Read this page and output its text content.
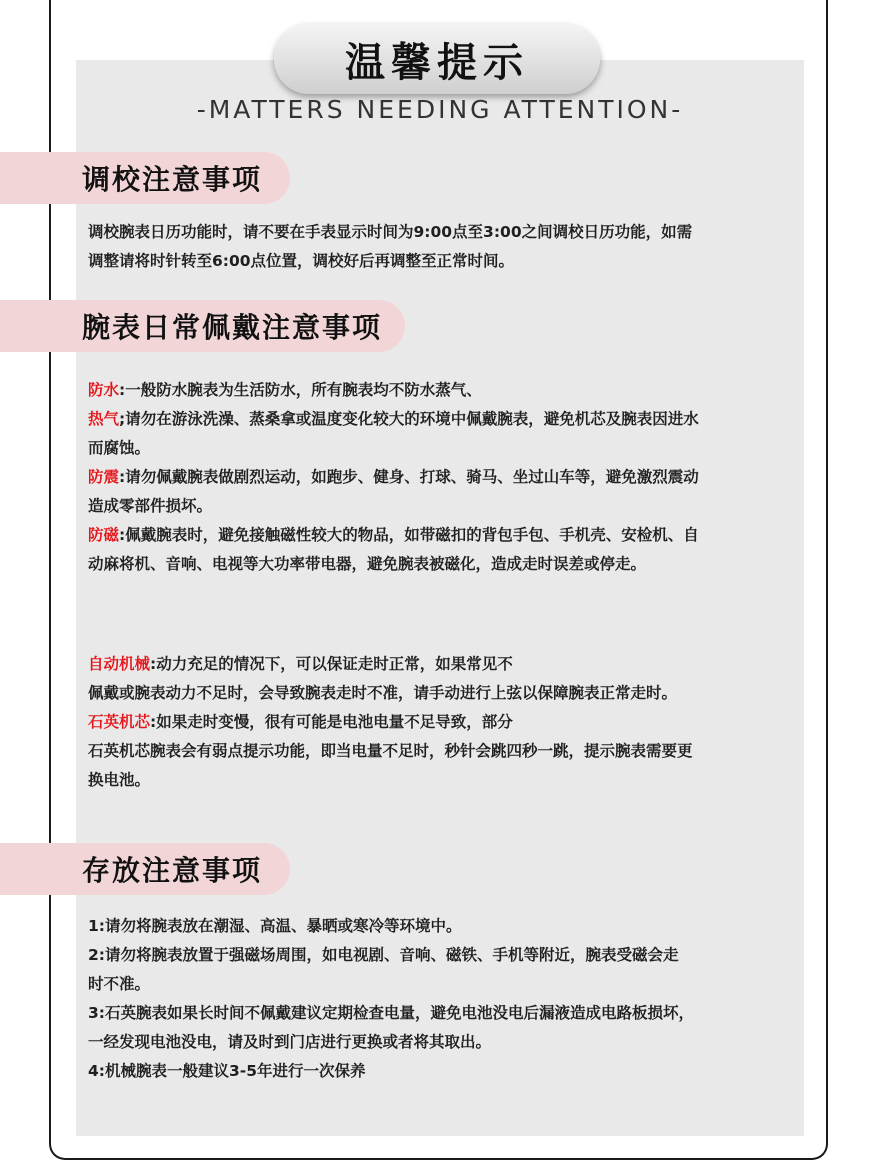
温馨提示
-MATTERS NEEDING ATTENTION-
调校注意事项
调校腕表日历功能时，请不要在手表显示时间为9:00点至3:00之间调校日历功能，如需
调整请将时针转至6:00点位置，调校好后再调整至正常时间。
腕表日常佩戴注意事项
防水:一般防水腕表为生活防水，所有腕表均不防水蒸气、
热气;请勿在游泳洗澡、蒸桑拿或温度变化较大的环境中佩戴腕表，避免机芯及腕表因进水
而腐蚀。
防震:请勿佩戴腕表做剧烈运动，如跑步、健身、打球、骑马、坐过山车等，避免激烈震动
造成零部件损坏。
防磁:佩戴腕表时，避免接触磁性较大的物品，如带磁扣的背包手包、手机壳、安检机、自
动麻将机、音响、电视等大功率带电器，避免腕表被磁化，造成走时误差或停走。
自动机械:动力充足的情况下，可以保证走时正常，如果常见不
佩戴或腕表动力不足时，会导致腕表走时不准，请手动进行上弦以保障腕表正常走时。
石英机芯:如果走时变慢，很有可能是电池电量不足导致，部分
石英机芯腕表会有弱点提示功能，即当电量不足时，秒针会跳四秒一跳，提示腕表需要更
换电池。
存放注意事项
1:请勿将腕表放在潮湿、高温、暴晒或寒冷等环境中。
2:请勿将腕表放置于强磁场周围，如电视剧、音响、磁铁、手机等附近，腕表受磁会走
时不准。
3:石英腕表如果长时间不佩戴建议定期检查电量，避免电池没电后漏液造成电路板损坏，
一经发现电池没电，请及时到门店进行更换或者将其取出。
4:机械腕表一般建议3-5年进行一次保养
